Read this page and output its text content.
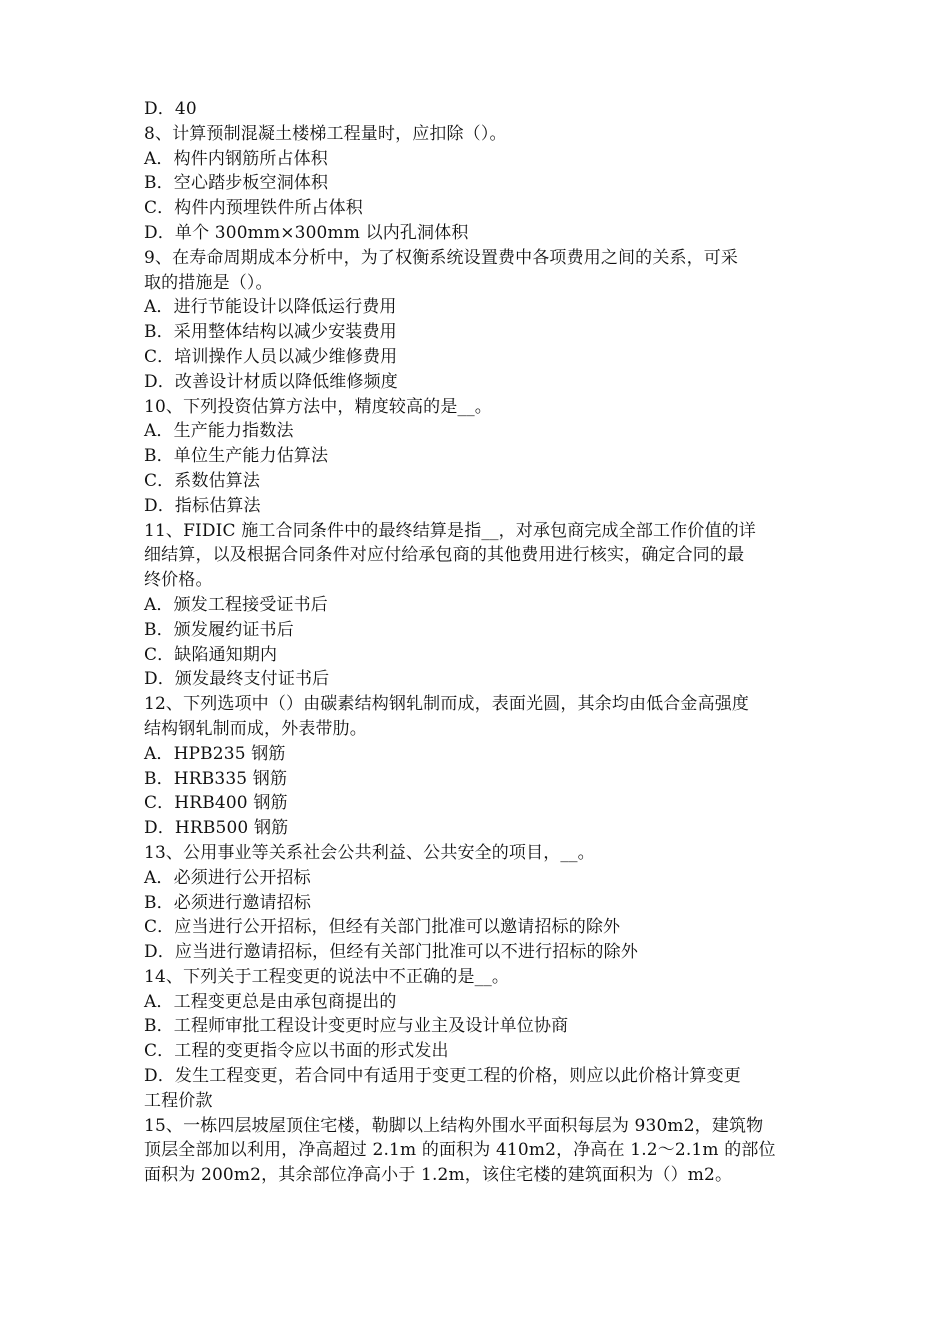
D．40

8、计算预制混凝土楼梯工程量时，应扣除（）。

A．构件内钢筋所占体积

B．空心踏步板空洞体积

C．构件内预埋铁件所占体积

D．单个 300mm×300mm 以内孔洞体积

9、在寿命周期成本分析中，为了权衡系统设置费中各项费用之间的关系，可采

取的措施是（）。

A．进行节能设计以降低运行费用

B．采用整体结构以减少安装费用

C．培训操作人员以减少维修费用

D．改善设计材质以降低维修频度

10、下列投资估算方法中，精度较高的是__。

A．生产能力指数法

B．单位生产能力估算法

C．系数估算法

D．指标估算法

11、FIDIC 施工合同条件中的最终结算是指__，对承包商完成全部工作价值的详

细结算，以及根据合同条件对应付给承包商的其他费用进行核实，确定合同的最

终价格。

A．颁发工程接受证书后

B．颁发履约证书后

C．缺陷通知期内

D．颁发最终支付证书后

12、下列选项中（）由碳素结构钢轧制而成，表面光圆，其余均由低合金高强度

结构钢轧制而成，外表带肋。

A．HPB235 钢筋

B．HRB335 钢筋

C．HRB400 钢筋

D．HRB500 钢筋

13、公用事业等关系社会公共利益、公共安全的项目，__。

A．必须进行公开招标

B．必须进行邀请招标

C．应当进行公开招标，但经有关部门批准可以邀请招标的除外

D．应当进行邀请招标，但经有关部门批准可以不进行招标的除外

14、下列关于工程变更的说法中不正确的是__。

A．工程变更总是由承包商提出的

B．工程师审批工程设计变更时应与业主及设计单位协商

C．工程的变更指令应以书面的形式发出

D．发生工程变更，若合同中有适用于变更工程的价格，则应以此价格计算变更

工程价款

15、一栋四层坡屋顶住宅楼，勒脚以上结构外围水平面积每层为 930m2，建筑物

顶层全部加以利用，净高超过 2.1m 的面积为 410m2，净高在 1.2～2.1m 的部位

面积为 200m2，其余部位净高小于 1.2m，该住宅楼的建筑面积为（）m2。
